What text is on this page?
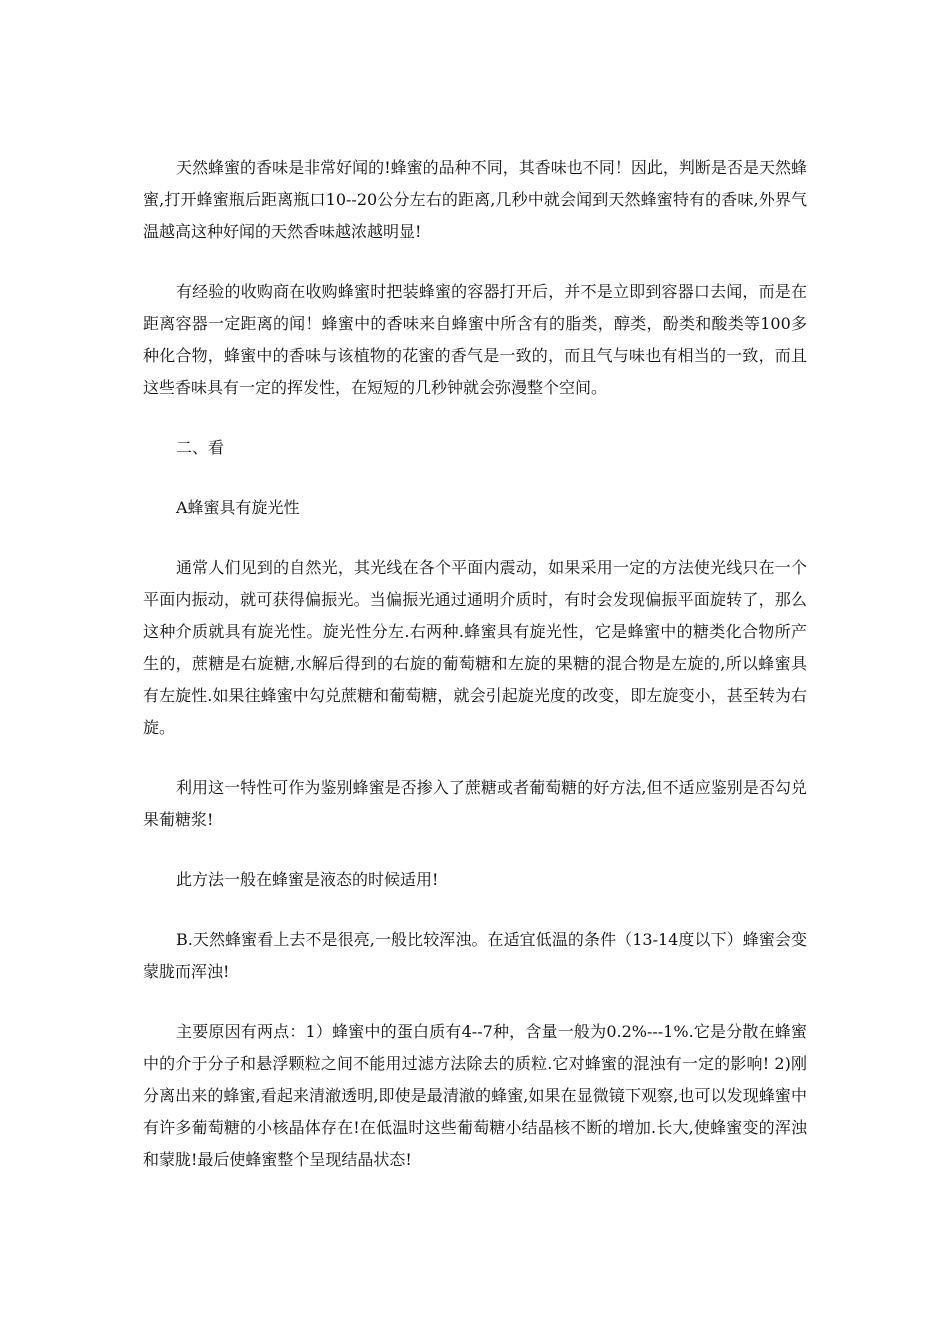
天然蜂蜜的香味是非常好闻的!蜂蜜的品种不同，其香味也不同！因此，判断是否是天然蜂蜜,打开蜂蜜瓶后距离瓶口10--20公分左右的距离,几秒中就会闻到天然蜂蜜特有的香味,外界气温越高这种好闻的天然香味越浓越明显!

有经验的收购商在收购蜂蜜时把装蜂蜜的容器打开后，并不是立即到容器口去闻，而是在距离容器一定距离的闻！蜂蜜中的香味来自蜂蜜中所含有的脂类，醇类，酚类和酸类等100多种化合物，蜂蜜中的香味与该植物的花蜜的香气是一致的，而且气与味也有相当的一致，而且这些香味具有一定的挥发性，在短短的几秒钟就会弥漫整个空间。

二、看

A蜂蜜具有旋光性

通常人们见到的自然光，其光线在各个平面内震动，如果采用一定的方法使光线只在一个平面内振动，就可获得偏振光。当偏振光通过通明介质时，有时会发现偏振平面旋转了，那么这种介质就具有旋光性。旋光性分左.右两种.蜂蜜具有旋光性，它是蜂蜜中的糖类化合物所产生的，蔗糖是右旋糖,水解后得到的右旋的葡萄糖和左旋的果糖的混合物是左旋的,所以蜂蜜具有左旋性.如果往蜂蜜中勾兑蔗糖和葡萄糖，就会引起旋光度的改变，即左旋变小，甚至转为右旋。

利用这一特性可作为鉴别蜂蜜是否掺入了蔗糖或者葡萄糖的好方法,但不适应鉴别是否勾兑果葡糖浆!

此方法一般在蜂蜜是液态的时候适用!

B.天然蜂蜜看上去不是很亮,一般比较浑浊。在适宜低温的条件（13-14度以下）蜂蜜会变蒙胧而浑浊!

主要原因有两点：1）蜂蜜中的蛋白质有4--7种，含量一般为0.2%---1%.它是分散在蜂蜜中的介于分子和悬浮颗粒之间不能用过滤方法除去的质粒.它对蜂蜜的混浊有一定的影响! 2)刚分离出来的蜂蜜,看起来清澈透明,即使是最清澈的蜂蜜,如果在显微镜下观察,也可以发现蜂蜜中有许多葡萄糖的小核晶体存在!在低温时这些葡萄糖小结晶核不断的增加.长大,使蜂蜜变的浑浊和蒙胧!最后使蜂蜜整个呈现结晶状态!
